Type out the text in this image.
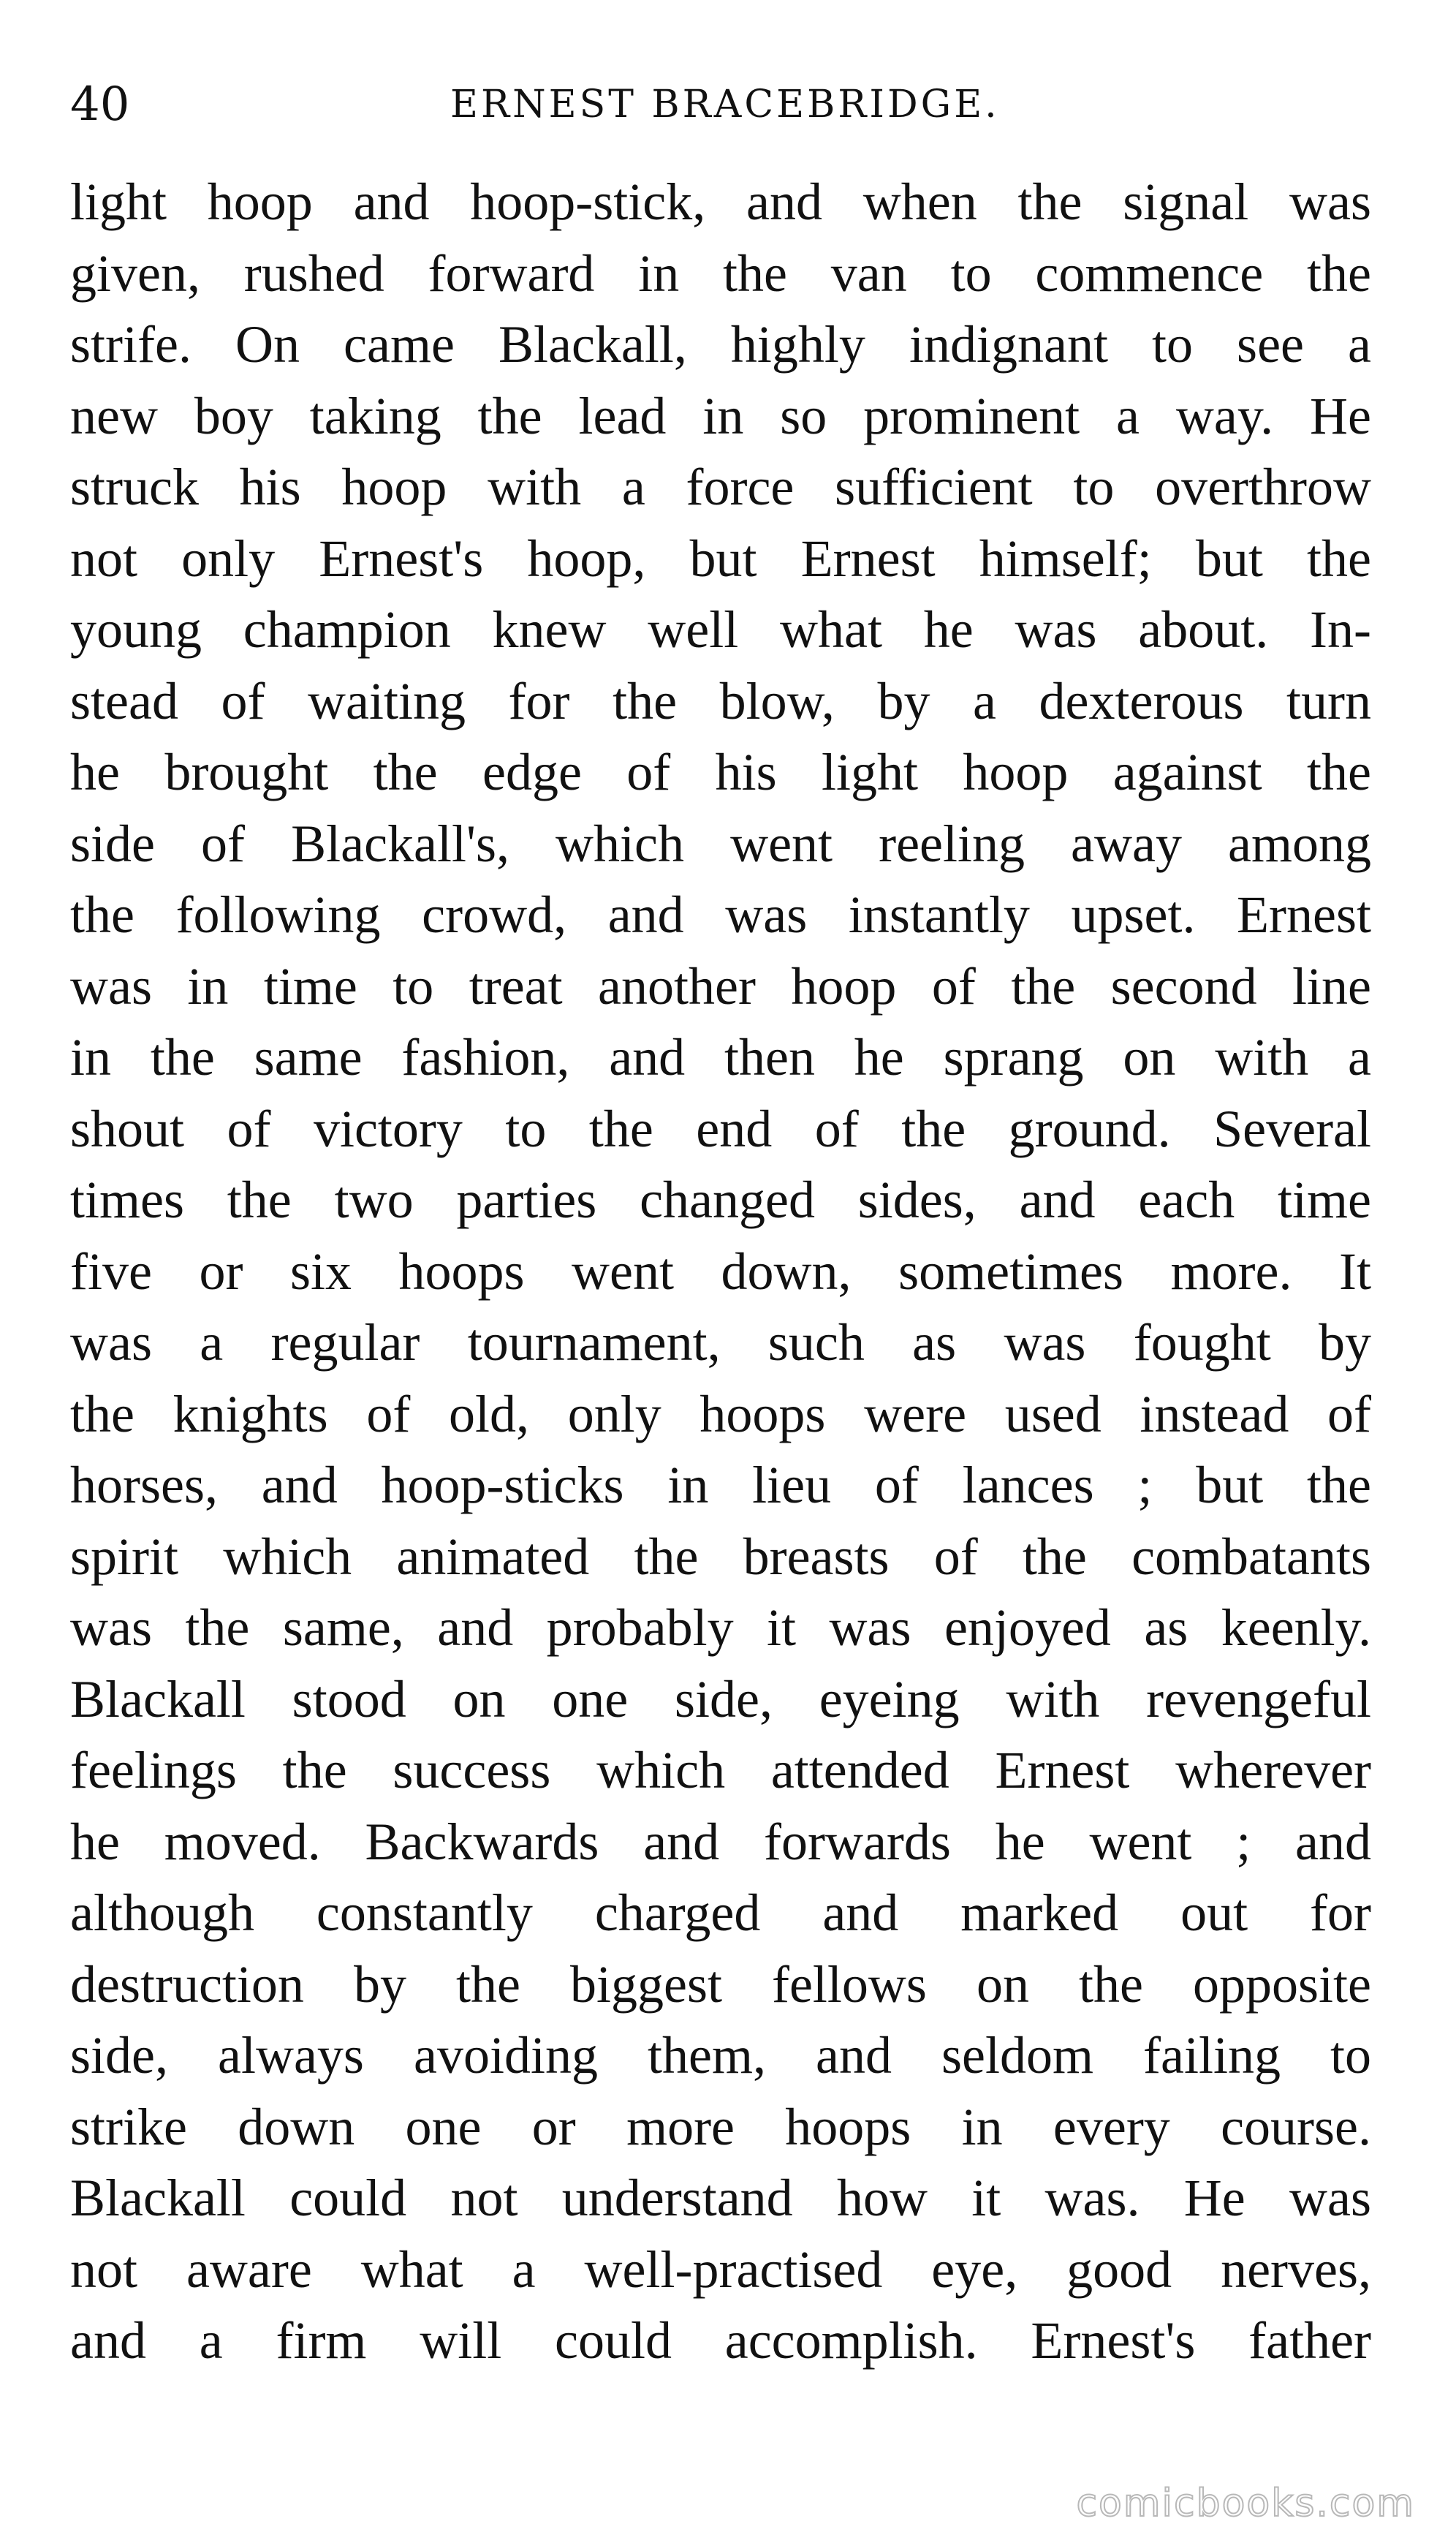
40	ERNEST BRACEBRIDGE.
light hoop and hoop-stick, and when the signal was
given, rushed forward in the van to commence the
strife. On came Blackall, highly indignant to see a
new boy taking the lead in so prominent a way. He
struck his hoop with a force sufficient to overthrow
not only Ernest's hoop, but Ernest himself; but the
young champion knew well what he was about. In-
stead of waiting for the blow, by a dexterous turn
he brought the edge of his light hoop against the
side of Blackall's, which went reeling away among
the following crowd, and was instantly upset. Ernest
was in time to treat another hoop of the second line
in the same fashion, and then he sprang on with a
shout of victory to the end of the ground. Several
times the two parties changed sides, and each time
five or six hoops went down, sometimes more. It
was a regular tournament, such as was fought by
the knights of old, only hoops were used instead of
horses, and hoop-sticks in lieu of lances ; but the
spirit which animated the breasts of the combatants
was the same, and probably it was enjoyed as keenly.
Blackall stood on one side, eyeing with revengeful
feelings the success which attended Ernest wherever
he moved. Backwards and forwards he went ; and
although constantly charged and marked out for
destruction by the biggest fellows on the opposite
side, always avoiding them, and seldom failing to
strike down one or more hoops in every course.
Blackall could not understand how it was. He was
not aware what a well-practised eye, good nerves,
and a firm will could accomplish. Ernest's father
comicbooks.com
